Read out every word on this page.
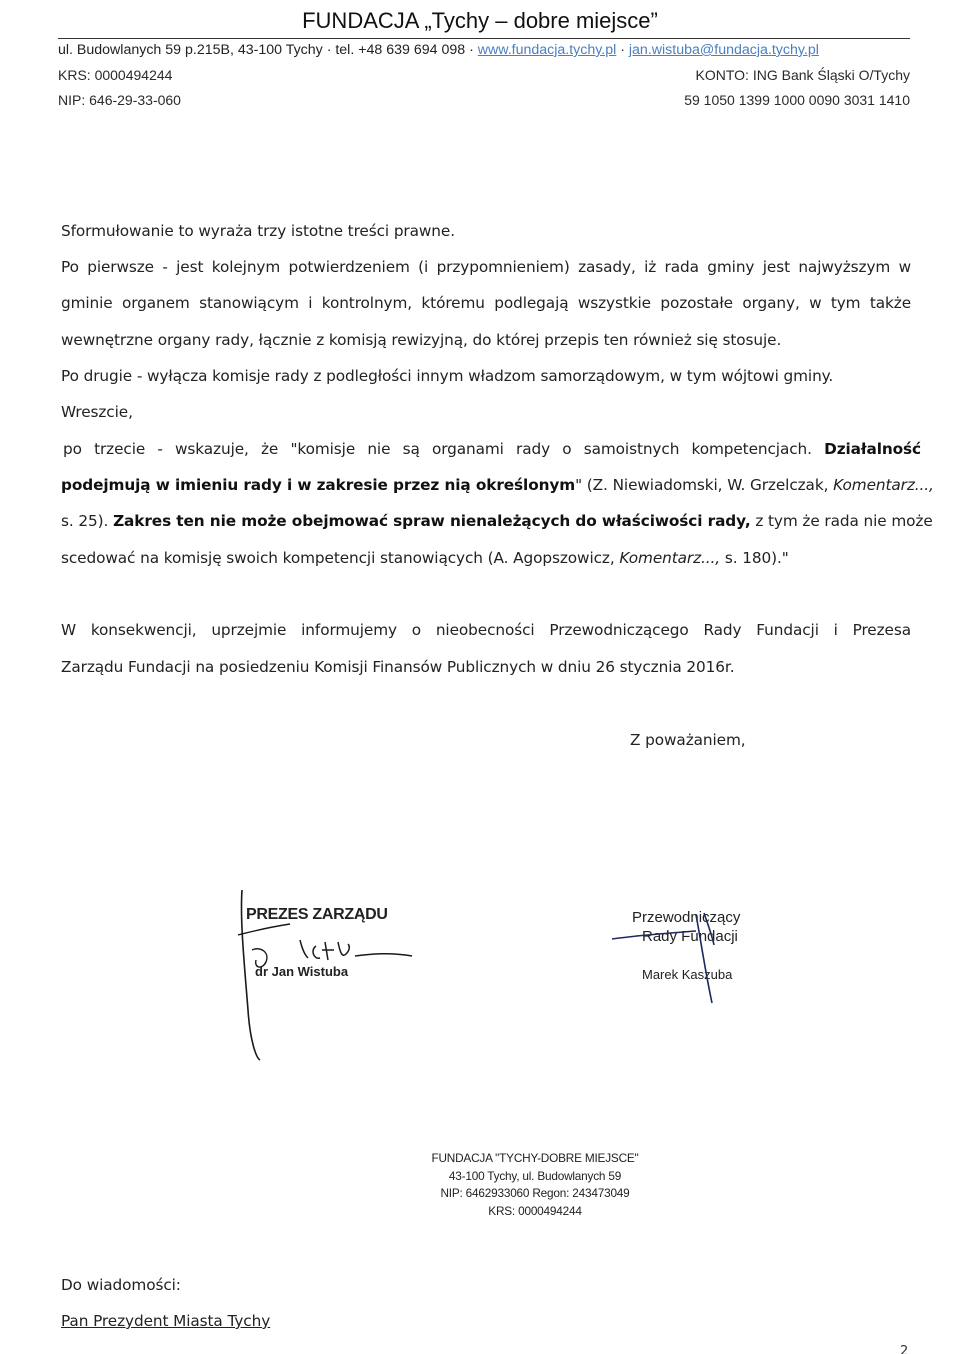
FUNDACJA „Tychy – dobre miejsce”
ul. Budowlanych 59 p.215B, 43-100 Tychy · tel. +48 639 694 098 · www.fundacja.tychy.pl · jan.wistuba@fundacja.tychy.pl
KRS: 0000494244
NIP: 646-29-33-060
KONTO: ING Bank Śląski O/Tychy
59 1050 1399 1000 0090 3031 1410
Sformułowanie to wyraża trzy istotne treści prawne.
Po pierwsze - jest kolejnym potwierdzeniem (i przypomnieniem) zasady, iż rada gminy jest najwyższym w
gminie organem stanowiącym i kontrolnym, któremu podlegają wszystkie pozostałe organy, w tym także
wewnętrzne organy rady, łącznie z komisją rewizyjną, do której przepis ten również się stosuje.
Po drugie - wyłącza komisje rady z podległości innym władzom samorządowym, w tym wójtowi gminy.
Wreszcie,
po trzecie - wskazuje, że "komisje nie są organami rady o samoistnych kompetencjach. Działalność
podejmują w imieniu rady i w zakresie przez nią określonym" (Z. Niewiadomski, W. Grzelczak, Komentarz...,
s. 25). Zakres ten nie może obejmować spraw nienależących do właściwości rady, z tym że rada nie może
scedować na komisję swoich kompetencji stanowiących (A. Agopszowicz, Komentarz..., s. 180)."
W konsekwencji, uprzejmie informujemy o nieobecności Przewodniczącego Rady Fundacji i Prezesa
Zarządu Fundacji na posiedzeniu Komisji Finansów Publicznych w dniu 26 stycznia 2016r.
Z poważaniem,
PREZES ZARZĄDU
dr Jan Wistuba
Przewodniczący
Rady Fundacji
Marek Kaszuba
FUNDACJA "TYCHY-DOBRE MIEJSCE"
43-100 Tychy, ul. Budowlanych 59
NIP: 6462933060 Regon: 243473049
KRS: 0000494244
Do wiadomości:
Pan Prezydent Miasta Tychy
2
